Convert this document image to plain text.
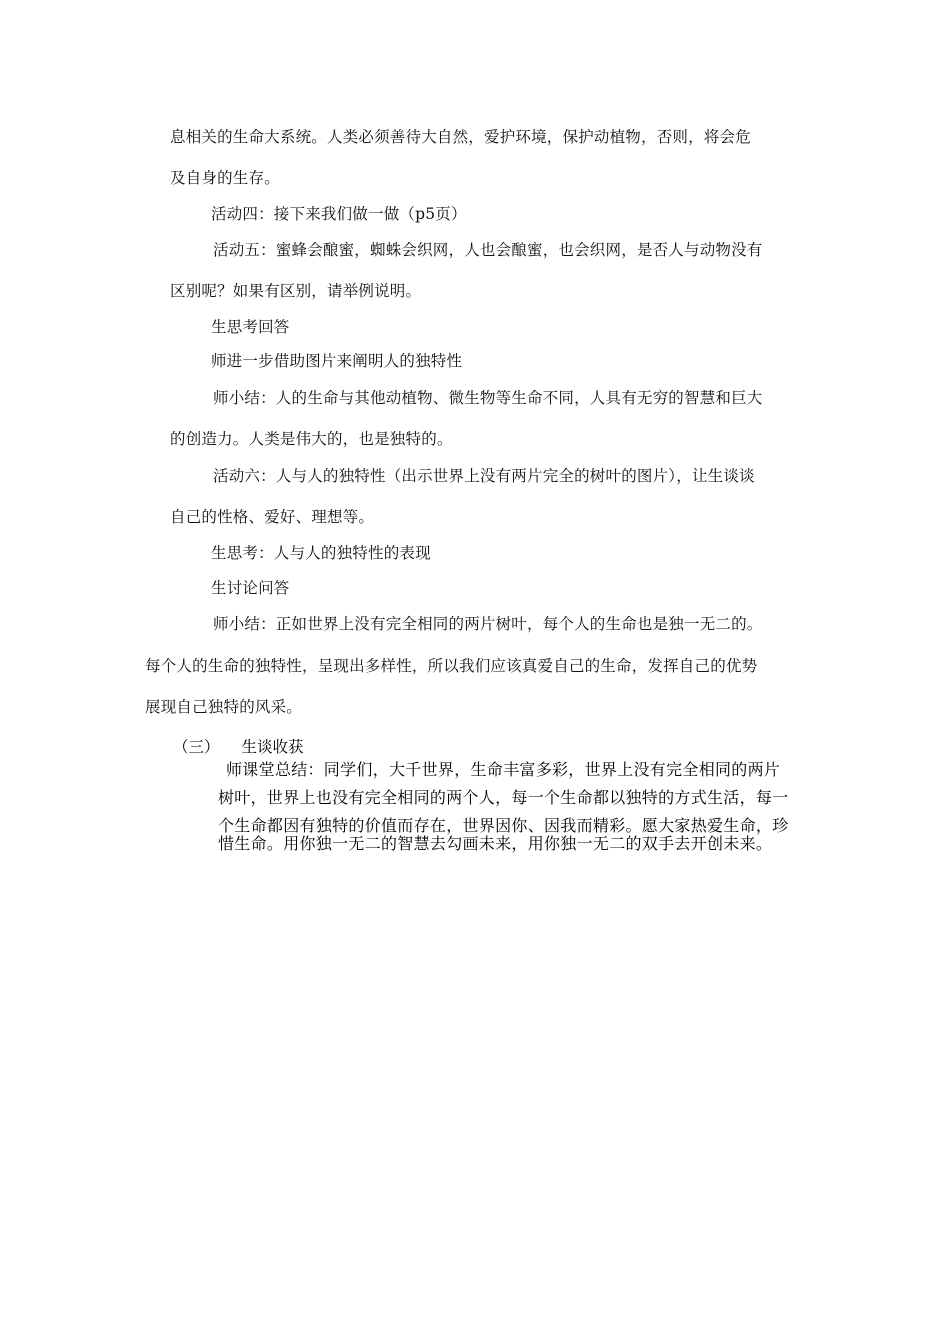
息相关的生命大系统。人类必须善待大自然，爱护环境，保护动植物，否则，将会危
及自身的生存。
活动四：接下来我们做一做（p5页）
活动五：蜜蜂会酿蜜，蜘蛛会织网，人也会酿蜜，也会织网，是否人与动物没有
区别呢？如果有区别，请举例说明。
生思考回答
师进一步借助图片来阐明人的独特性
师小结：人的生命与其他动植物、微生物等生命不同，人具有无穷的智慧和巨大
的创造力。人类是伟大的，也是独特的。
活动六：人与人的独特性（出示世界上没有两片完全的树叶的图片），让生谈谈
自己的性格、爱好、理想等。
生思考：人与人的独特性的表现
生讨论问答
师小结：正如世界上没有完全相同的两片树叶，每个人的生命也是独一无二的。
每个人的生命的独特性，呈现出多样性，所以我们应该真爱自己的生命，发挥自己的优势
展现自己独特的风采。
（三） 生谈收获
师课堂总结：同学们，大千世界，生命丰富多彩，世界上没有完全相同的两片
树叶，世界上也没有完全相同的两个人，每一个生命都以独特的方式生活，每一
个生命都因有独特的价值而存在，世界因你、因我而精彩。愿大家热爱生命，珍
惜生命。用你独一无二的智慧去勾画未来，用你独一无二的双手去开创未来。
